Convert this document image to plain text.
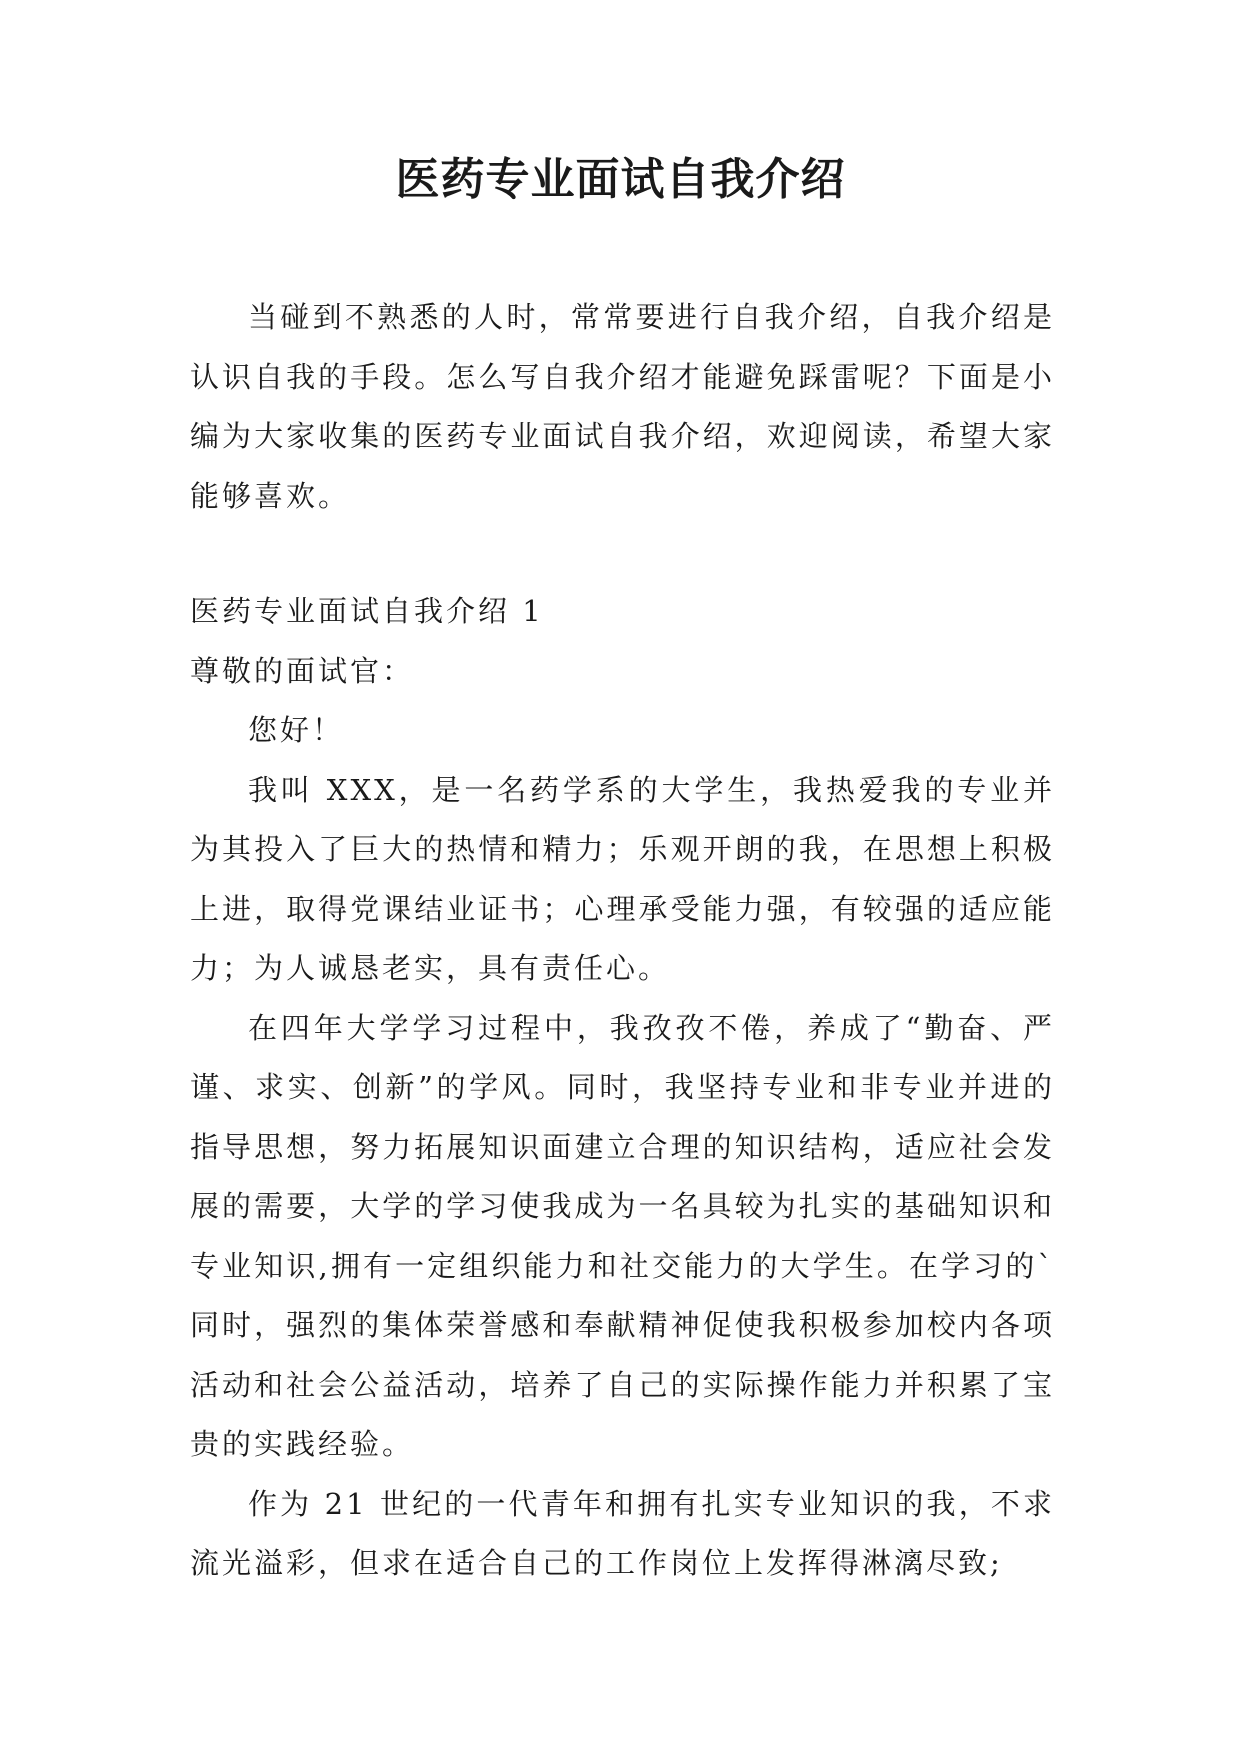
医药专业面试自我介绍

当碰到不熟悉的人时，常常要进行自我介绍，自我介绍是认识自我的手段。怎么写自我介绍才能避免踩雷呢？下面是小编为大家收集的医药专业面试自我介绍，欢迎阅读，希望大家能够喜欢。

医药专业面试自我介绍 1

尊敬的面试官：

您好！

我叫 XXX，是一名药学系的大学生，我热爱我的专业并为其投入了巨大的热情和精力；乐观开朗的我，在思想上积极上进，取得党课结业证书；心理承受能力强，有较强的适应能力；为人诚恳老实，具有责任心。

在四年大学学习过程中，我孜孜不倦，养成了“勤奋、严谨、求实、创新”的学风。同时，我坚持专业和非专业并进的指导思想，努力拓展知识面建立合理的知识结构，适应社会发展的需要，大学的学习使我成为一名具较为扎实的基础知识和专业知识,拥有一定组织能力和社交能力的大学生。在学习的`同时，强烈的集体荣誉感和奉献精神促使我积极参加校内各项活动和社会公益活动，培养了自己的实际操作能力并积累了宝贵的实践经验。

作为 21 世纪的一代青年和拥有扎实专业知识的我，不求流光溢彩，但求在适合自己的工作岗位上发挥得淋漓尽致;
